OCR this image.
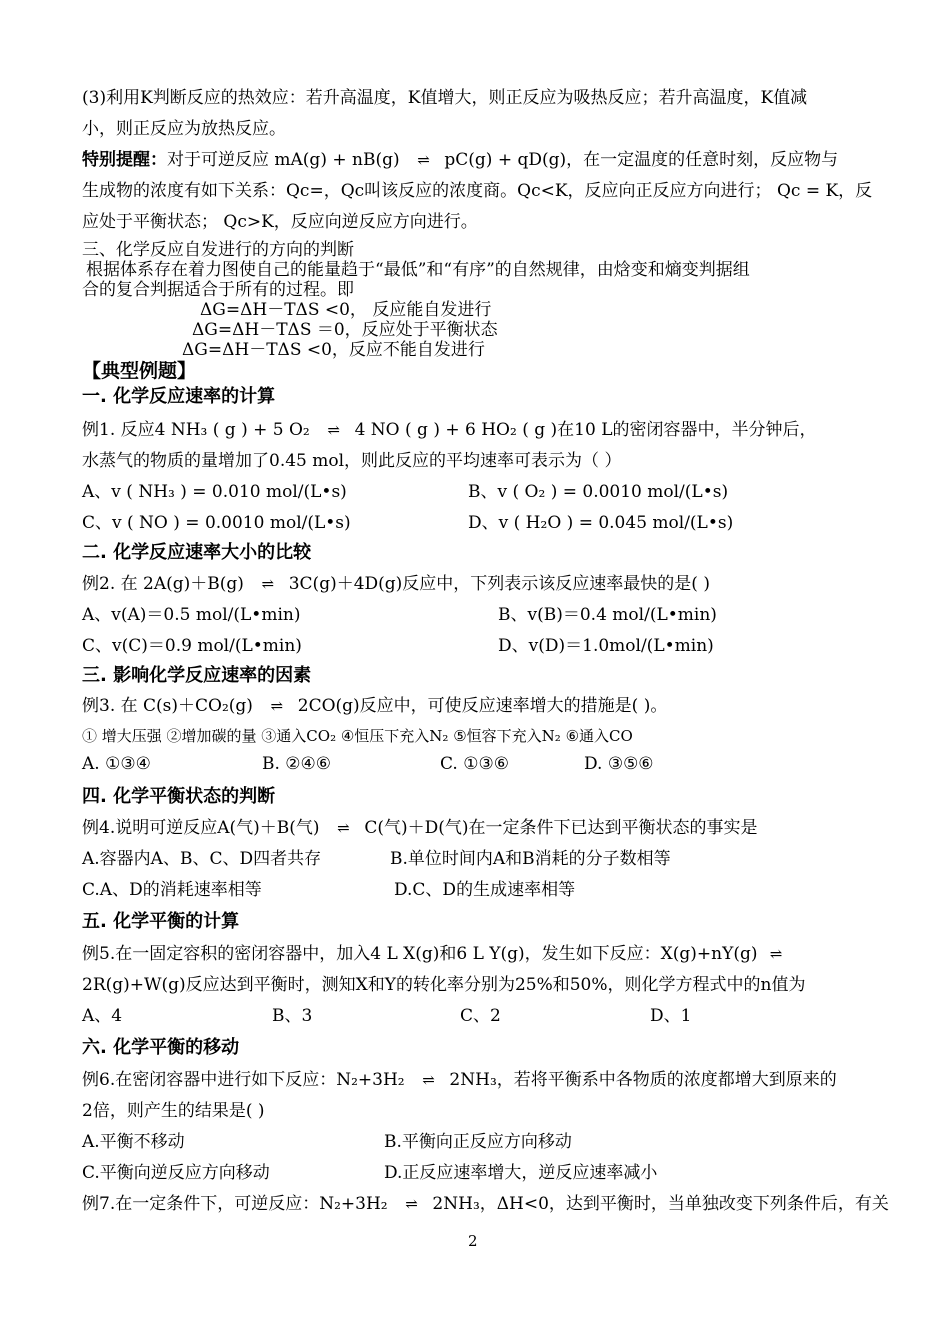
(3)利用K判断反应的热效应：若升高温度，K值增大，则正反应为吸热反应；若升高温度，K值减
小，则正反应为放热反应。
特别提醒：对于可逆反应 mA(g) + nB(g) ⇌ pC(g) + qD(g)，在一定温度的任意时刻，反应物与
生成物的浓度有如下关系：Qc=，Qc叫该反应的浓度商。Qc<K，反应向正反应方向进行； Qc = K，反
应处于平衡状态； Qc>K，反应向逆反应方向进行。
三、化学反应自发进行的方向的判断
根据体系存在着力图使自己的能量趋于“最低”和“有序”的自然规律，由焓变和熵变判据组
合的复合判据适合于所有的过程。即
ΔG=ΔH－TΔS <0， 反应能自发进行
ΔG=ΔH－TΔS ＝0，反应处于平衡状态
ΔG=ΔH－TΔS <0，反应不能自发进行
【典型例题】
一. 化学反应速率的计算
例1. 反应4 NH₃ ( g ) + 5 O₂ ⇌ 4 NO ( g ) + 6 HO₂ ( g )在10 L的密闭容器中，半分钟后，
水蒸气的物质的量增加了0.45 mol，则此反应的平均速率可表示为（ ）
A、v ( NH₃ ) = 0.010 mol/(L•s)	B、v ( O₂ ) = 0.0010 mol/(L•s)
C、v ( NO ) = 0.0010 mol/(L•s)	D、v ( H₂O ) = 0.045 mol/(L•s)
二. 化学反应速率大小的比较
例2. 在 2A(g)＋B(g) ⇌ 3C(g)＋4D(g)反应中，下列表示该反应速率最快的是( )
A、v(A)＝0.5 mol/(L•min)	B、v(B)＝0.4 mol/(L•min)
C、v(C)＝0.9 mol/(L•min)	D、v(D)＝1.0mol/(L•min)
三. 影响化学反应速率的因素
例3. 在 C(s)＋CO₂(g) ⇌ 2CO(g)反应中，可使反应速率增大的措施是( )。
① 增大压强 ②增加碳的量 ③通入CO₂ ④恒压下充入N₂ ⑤恒容下充入N₂ ⑥通入CO
A. ①③④	B. ②④⑥	C. ①③⑥	D. ③⑤⑥
四. 化学平衡状态的判断
例4.说明可逆反应A(气)＋B(气) ⇌ C(气)＋D(气)在一定条件下已达到平衡状态的事实是
A.容器内A、B、C、D四者共存	B.单位时间内A和B消耗的分子数相等
C.A、D的消耗速率相等	D.C、D的生成速率相等
五. 化学平衡的计算
例5.在一固定容积的密闭容器中，加入4 L X(g)和6 L Y(g)，发生如下反应：X(g)+nY(g) ⇌
2R(g)+W(g)反应达到平衡时，测知X和Y的转化率分别为25%和50%，则化学方程式中的n值为
A、4	B、3	C、2	D、1
六. 化学平衡的移动
例6.在密闭容器中进行如下反应：N₂+3H₂ ⇌ 2NH₃，若将平衡系中各物质的浓度都增大到原来的
2倍，则产生的结果是( )
A.平衡不移动	B.平衡向正反应方向移动
C.平衡向逆反应方向移动	D.正反应速率增大，逆反应速率减小
例7.在一定条件下，可逆反应：N₂+3H₂ ⇌ 2NH₃，ΔH<0，达到平衡时，当单独改变下列条件后，有关
2
